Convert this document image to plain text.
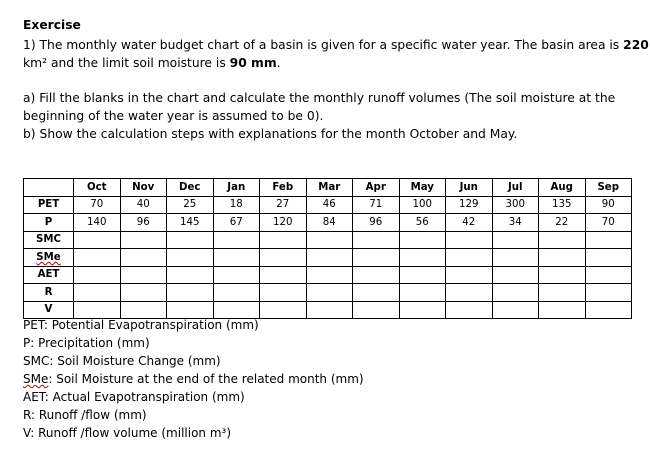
Exercise
1) The monthly water budget chart of a basin is given for a specific water year. The basin area is 220
km² and the limit soil moisture is 90 mm.
a) Fill the blanks in the chart and calculate the monthly runoff volumes (The soil moisture at the
beginning of the water year is assumed to be 0).
b) Show the calculation steps with explanations for the month October and May.
	Oct	Nov	Dec	Jan	Feb	Mar	Apr	May	Jun	Jul	Aug	Sep
PET	70	40	25	18	27	46	71	100	129	300	135	90
P	140	96	145	67	120	84	96	56	42	34	22	70
SMC												
SMe												
AET												
R												
V												
PET: Potential Evapotranspiration (mm)
P: Precipitation (mm)
SMC: Soil Moisture Change (mm)
SMe: Soil Moisture at the end of the related month (mm)
AET: Actual Evapotranspiration (mm)
R: Runoff /flow (mm)
V: Runoff /flow volume (million m³)
